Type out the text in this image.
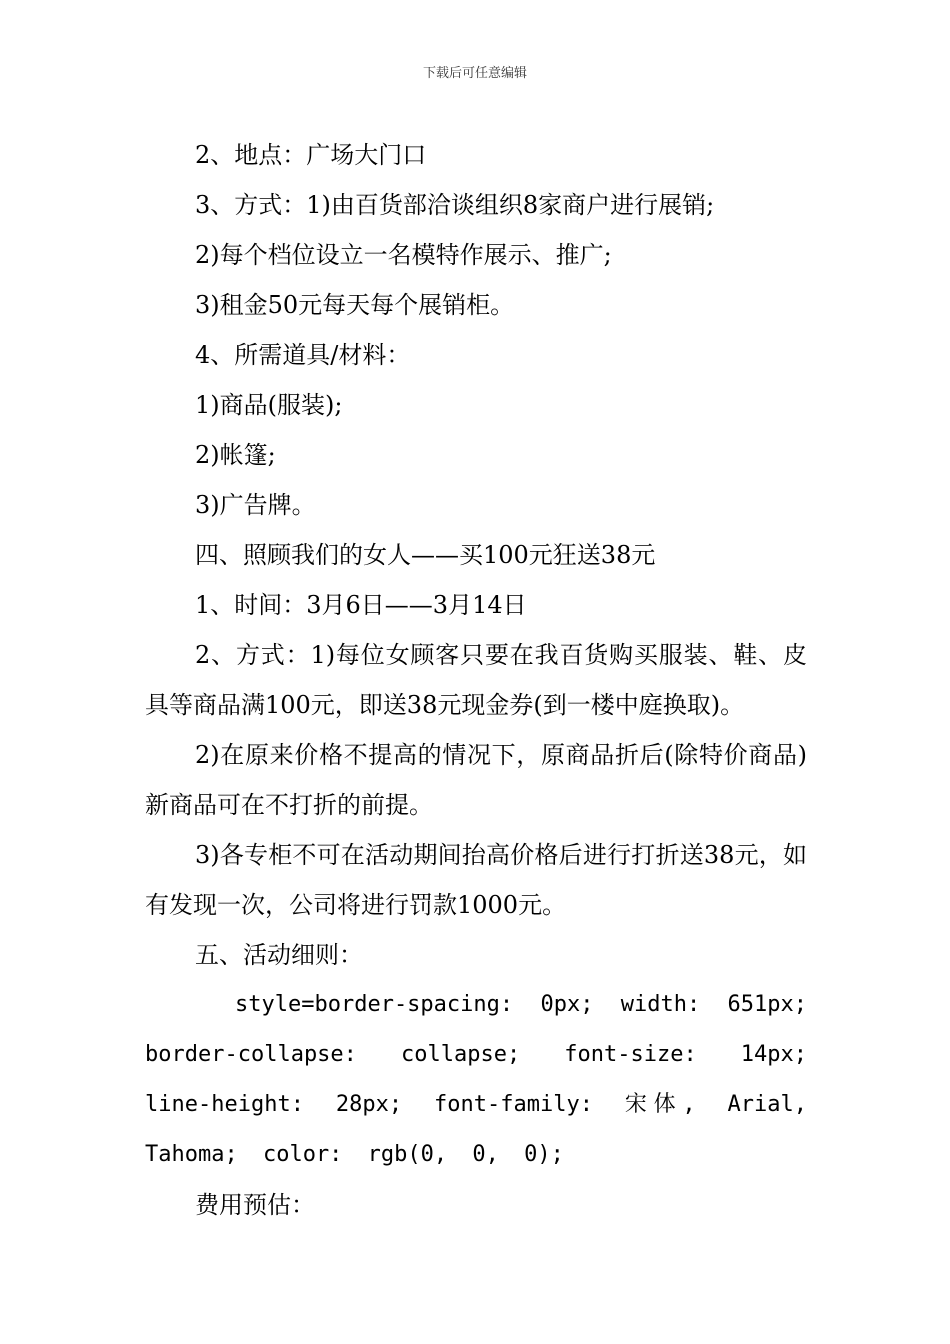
下载后可任意编辑

2、地点：广场大门口

3、方式：1)由百货部洽谈组织8家商户进行展销;

2)每个档位设立一名模特作展示、推广;

3)租金50元每天每个展销柜。

4、所需道具/材料：

1)商品(服装);

2)帐篷;

3)广告牌。

四、照顾我们的女人——买100元狂送38元

1、时间：3月6日——3月14日

2、方式：1)每位女顾客只要在我百货购买服装、鞋、皮具等商品满100元，即送38元现金券(到一楼中庭换取)。

2)在原来价格不提高的情况下，原商品折后(除特价商品)新商品可在不打折的前提。

3)各专柜不可在活动期间抬高价格后进行打折送38元，如有发现一次，公司将进行罚款1000元。

五、活动细则：

style=border-spacing: 0px; width: 651px; border-collapse: collapse; font-size: 14px; line-height: 28px; font-family: 宋体, Arial, Tahoma; color: rgb(0, 0, 0);

费用预估：
